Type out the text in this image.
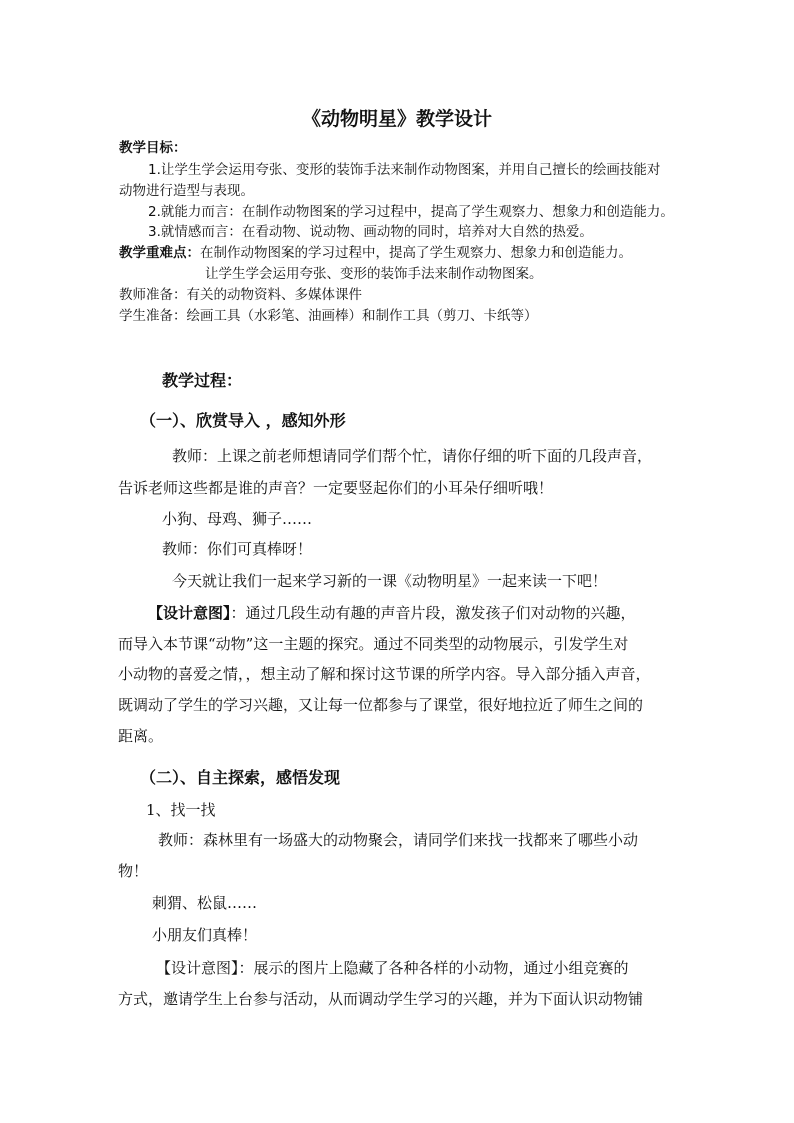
《动物明星》教学设计
教学目标：
1.让学生学会运用夸张、变形的装饰手法来制作动物图案，并用自己擅长的绘画技能对
动物进行造型与表现。
2.就能力而言：在制作动物图案的学习过程中，提高了学生观察力、想象力和创造能力。
3.就情感而言：在看动物、说动物、画动物的同时，培养对大自然的热爱。
教学重难点：在制作动物图案的学习过程中，提高了学生观察力、想象力和创造能力。
让学生学会运用夸张、变形的装饰手法来制作动物图案。
教师准备：有关的动物资料、多媒体课件
学生准备：绘画工具（水彩笔、油画棒）和制作工具（剪刀、卡纸等）
教学过程：
（一）、欣赏导入 ，感知外形
教师：上课之前老师想请同学们帮个忙，请你仔细的听下面的几段声音，
告诉老师这些都是谁的声音？一定要竖起你们的小耳朵仔细听哦！
小狗、母鸡、狮子……
教师：你们可真棒呀！
今天就让我们一起来学习新的一课《动物明星》一起来读一下吧！
【设计意图】：通过几段生动有趣的声音片段，激发孩子们对动物的兴趣，
而导入本节课“动物”这一主题的探究。通过不同类型的动物展示，引发学生对
小动物的喜爱之情，，想主动了解和探讨这节课的所学内容。导入部分插入声音，
既调动了学生的学习兴趣，又让每一位都参与了课堂，很好地拉近了师生之间的
距离。
（二）、自主探索，感悟发现
1、找一找
教师：森林里有一场盛大的动物聚会，请同学们来找一找都来了哪些小动
物！
刺猬、松鼠……
小朋友们真棒！
【设计意图】：展示的图片上隐藏了各种各样的小动物，通过小组竞赛的
方式，邀请学生上台参与活动，从而调动学生学习的兴趣，并为下面认识动物铺
